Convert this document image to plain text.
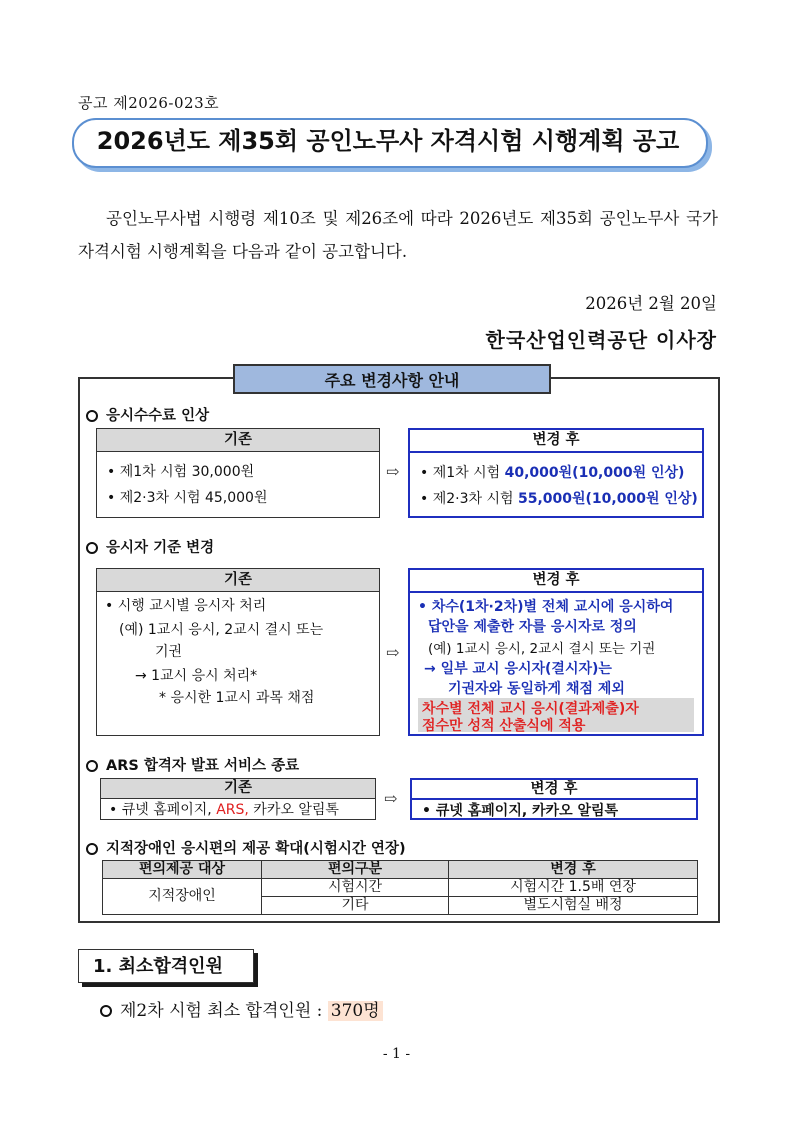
공고 제2026-023호
2026년도 제35회 공인노무사 자격시험 시행계획 공고
공인노무사법 시행령 제10조 및 제26조에 따라 2026년도 제35회 공인노무사 국가자격시험 시행계획을 다음과 같이 공고합니다.
2026년 2월 20일
한국산업인력공단 이사장
주요 변경사항 안내
응시수수료 인상
기존
• 제1차 시험 30,000원
• 제2·3차 시험 45,000원
⇨
변경 후
• 제1차 시험 40,000원(10,000원 인상)
• 제2·3차 시험 55,000원(10,000원 인상)
응시자 기준 변경
기존
• 시행 교시별 응시자 처리
(예) 1교시 응시, 2교시 결시 또는
기권
→ 1교시 응시 처리*
* 응시한 1교시 과목 채점
⇨
변경 후
• 차수(1차·2차)별 전체 교시에 응시하여
답안을 제출한 자를 응시자로 정의
(예) 1교시 응시, 2교시 결시 또는 기권
→ 일부 교시 응시자(결시자)는
기권자와 동일하게 채점 제외
차수별 전체 교시 응시(결과제출)자
점수만 성적 산출식에 적용
ARS 합격자 발표 서비스 종료
기존
• 큐넷 홈페이지, ARS, 카카오 알림톡
⇨	변경 후
• 큐넷 홈페이지, 카카오 알림톡
지적장애인 응시편의 제공 확대(시험시간 연장)
편의제공 대상	편의구분	변경 후
지적장애인	시험시간	시험시간 1.5배 연장
	기타	별도시험실 배정
1. 최소합격인원
제2차 시험 최소 합격인원 : 370명
- 1 -
